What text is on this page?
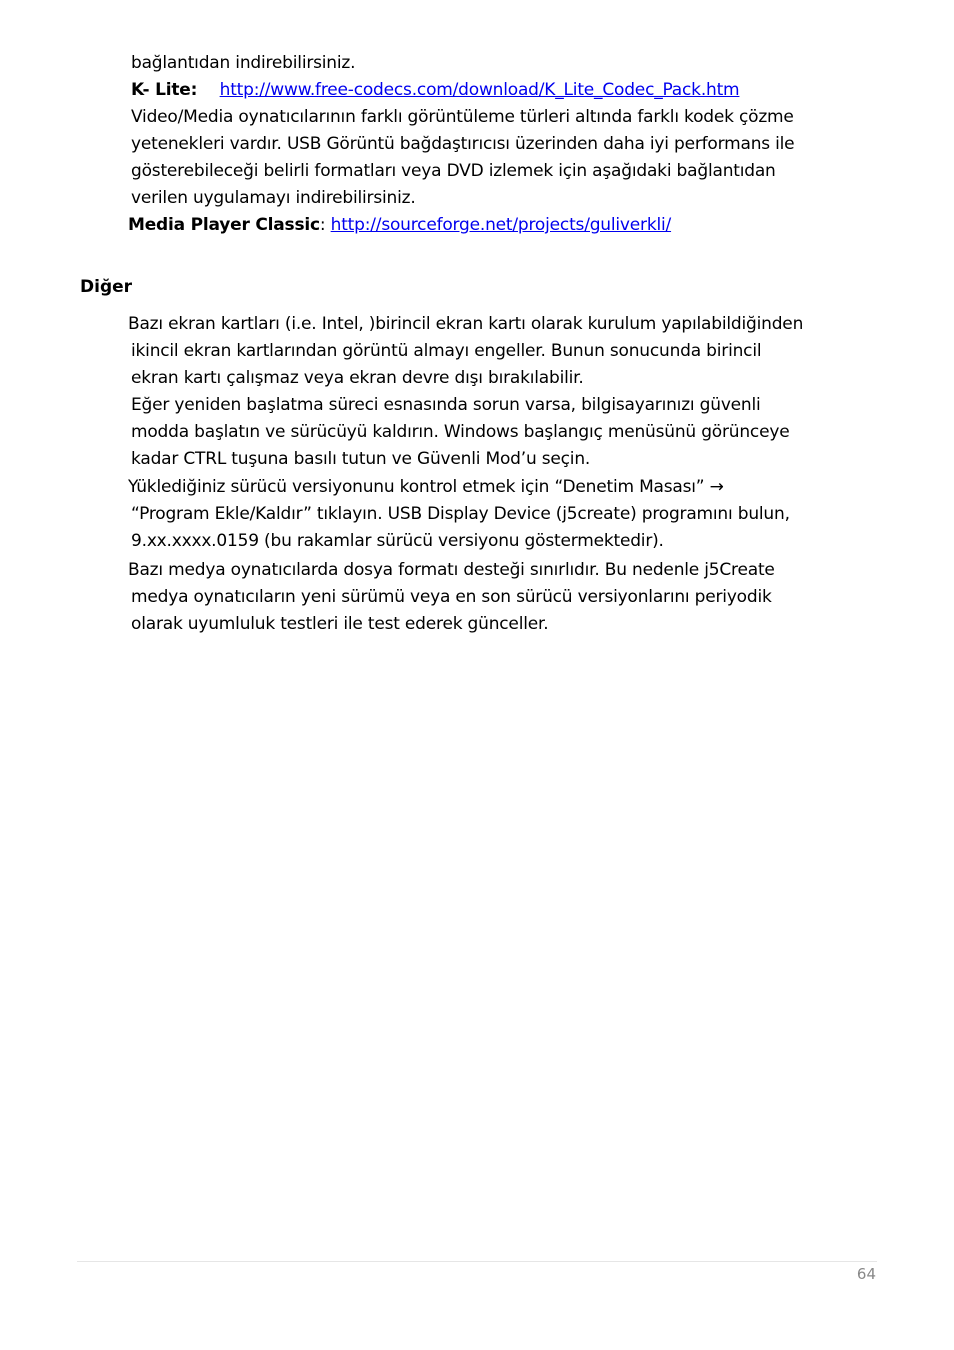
bağlantıdan indirebilirsiniz.
K- Lite: http://www.free-codecs.com/download/K_Lite_Codec_Pack.htm
Video/Media oynatıcılarının farklı görüntüleme türleri altında farklı kodek çözme
yetenekleri vardır. USB Görüntü bağdaştırıcısı üzerinden daha iyi performans ile
gösterebileceği belirli formatları veya DVD izlemek için aşağıdaki bağlantıdan
verilen uygulamayı indirebilirsiniz.
Media Player Classic: http://sourceforge.net/projects/guliverkli/
Diğer
Bazı ekran kartları (i.e. Intel, )birincil ekran kartı olarak kurulum yapılabildiğinden
ikincil ekran kartlarından görüntü almayı engeller. Bunun sonucunda birincil
ekran kartı çalışmaz veya ekran devre dışı bırakılabilir.
Eğer yeniden başlatma süreci esnasında sorun varsa, bilgisayarınızı güvenli
modda başlatın ve sürücüyü kaldırın. Windows başlangıç menüsünü görünceye
kadar CTRL tuşuna basılı tutun ve Güvenli Mod’u seçin.
Yüklediğiniz sürücü versiyonunu kontrol etmek için “Denetim Masası” →
“Program Ekle/Kaldır” tıklayın. USB Display Device (j5create) programını bulun,
9.xx.xxxx.0159 (bu rakamlar sürücü versiyonu göstermektedir).
Bazı medya oynatıcılarda dosya formatı desteği sınırlıdır. Bu nedenle j5Create
medya oynatıcıların yeni sürümü veya en son sürücü versiyonlarını periyodik
olarak uyumluluk testleri ile test ederek günceller.
64
